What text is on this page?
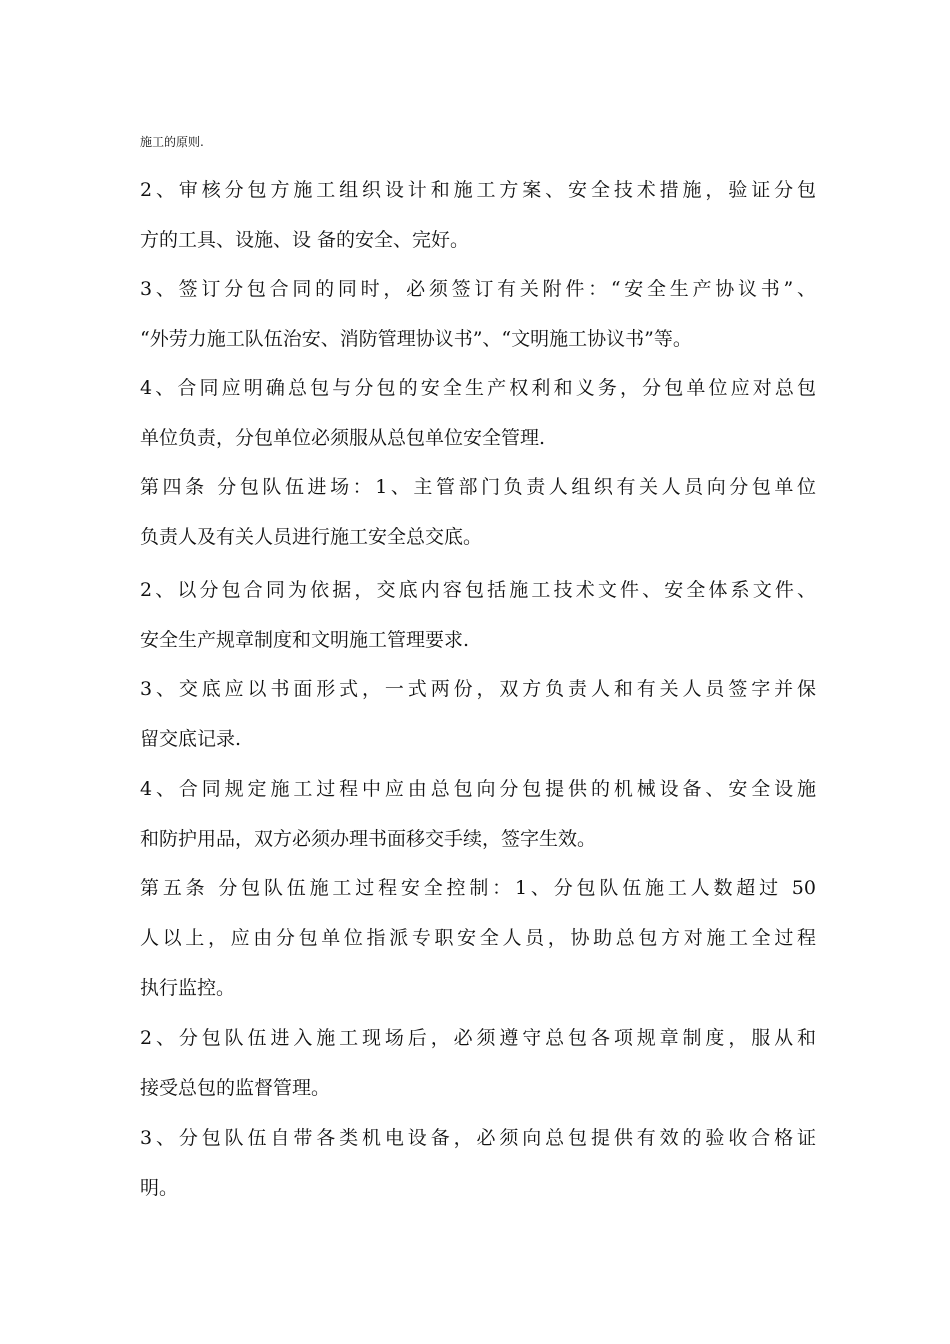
施工的原则.
2、审核分包方施工组织设计和施工方案、安全技术措施，验证分包
方的工具、设施、设 备的安全、完好。
3、签订分包合同的同时，必须签订有关附件：“安全生产协议书”、
“外劳力施工队伍治安、消防管理协议书”、“文明施工协议书”等。
4、合同应明确总包与分包的安全生产权利和义务，分包单位应对总包
单位负责，分包单位必须服从总包单位安全管理.
第四条 分包队伍进场：1、主管部门负责人组织有关人员向分包单位
负责人及有关人员进行施工安全总交底。
2、以分包合同为依据，交底内容包括施工技术文件、安全体系文件、
安全生产规章制度和文明施工管理要求.
3、交底应以书面形式，一式两份，双方负责人和有关人员签字并保
留交底记录.
4、合同规定施工过程中应由总包向分包提供的机械设备、安全设施
和防护用品，双方必须办理书面移交手续，签字生效。
第五条 分包队伍施工过程安全控制：1、分包队伍施工人数超过 50
人以上，应由分包单位指派专职安全人员，协助总包方对施工全过程
执行监控。
2、分包队伍进入施工现场后，必须遵守总包各项规章制度，服从和
接受总包的监督管理。
3、分包队伍自带各类机电设备，必须向总包提供有效的验收合格证
明。
